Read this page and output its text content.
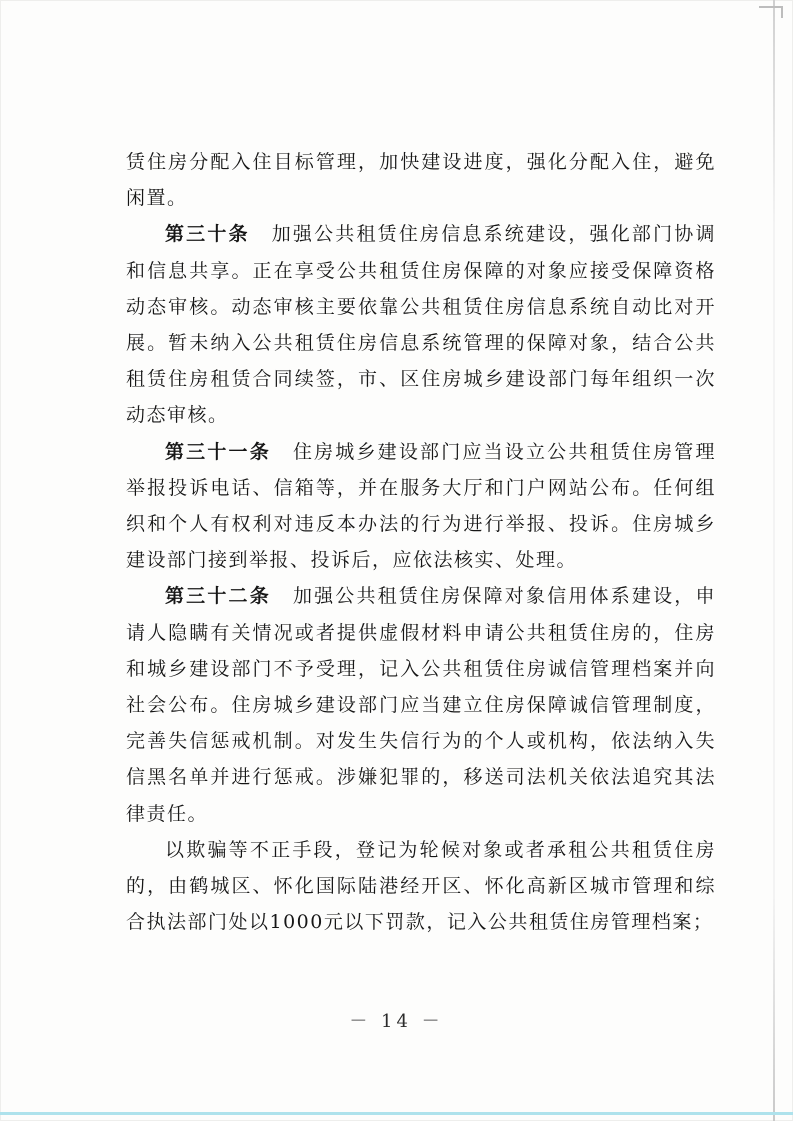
赁住房分配入住目标管理，加快建设进度，强化分配入住，避免闲置。

第三十条 加强公共租赁住房信息系统建设，强化部门协调和信息共享。正在享受公共租赁住房保障的对象应接受保障资格动态审核。动态审核主要依靠公共租赁住房信息系统自动比对开展。暂未纳入公共租赁住房信息系统管理的保障对象，结合公共租赁住房租赁合同续签，市、区住房城乡建设部门每年组织一次动态审核。

第三十一条 住房城乡建设部门应当设立公共租赁住房管理举报投诉电话、信箱等，并在服务大厅和门户网站公布。任何组织和个人有权利对违反本办法的行为进行举报、投诉。住房城乡建设部门接到举报、投诉后，应依法核实、处理。

第三十二条 加强公共租赁住房保障对象信用体系建设，申请人隐瞒有关情况或者提供虚假材料申请公共租赁住房的，住房和城乡建设部门不予受理，记入公共租赁住房诚信管理档案并向社会公布。住房城乡建设部门应当建立住房保障诚信管理制度，完善失信惩戒机制。对发生失信行为的个人或机构，依法纳入失信黑名单并进行惩戒。涉嫌犯罪的，移送司法机关依法追究其法律责任。

以欺骗等不正手段，登记为轮候对象或者承租公共租赁住房的，由鹤城区、怀化国际陆港经开区、怀化高新区城市管理和综合执法部门处以1000元以下罚款，记入公共租赁住房管理档案；

－ 14 －
